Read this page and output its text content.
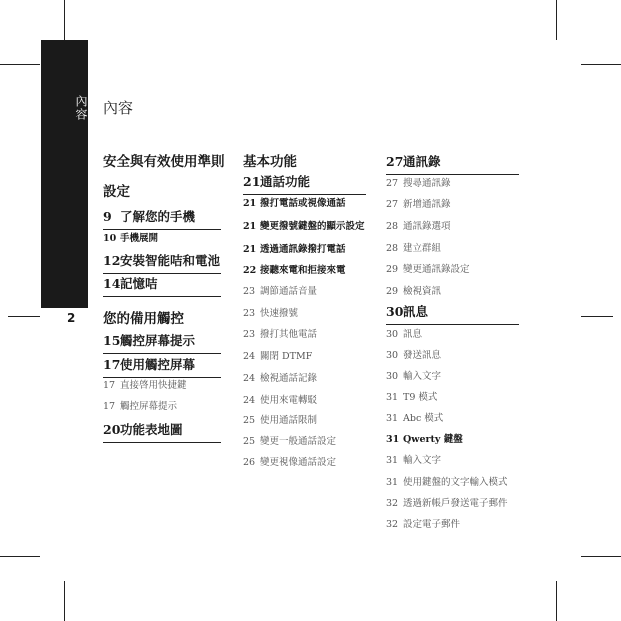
內容
2
內容
安全與有效使用準則
設定
9 了解您的手機
10 手機展開
12安裝智能咭和電池
14記憶咭
您的備用觸控
15觸控屏幕提示
17使用觸控屏幕
17 直接啓用快捷鍵
17 觸控屏幕提示
20功能表地圖
基本功能
21通話功能
21 撥打電話或視像通話
21 變更撥號鍵盤的顯示設定
21 透過通訊錄撥打電話
22 接聽來電和拒接來電
23 調節通話音量
23 快速撥號
23 撥打其他電話
24 關閉 DTMF
24 檢視通話記錄
24 使用來電轉駁
25 使用通話限制
25 變更一般通話設定
26 變更視像通話設定
27通訊錄
27 搜尋通訊錄
27 新增通訊錄
28 通訊錄選項
28 建立群組
29 變更通訊錄設定
29 檢視資訊
30訊息
30 訊息
30 發送訊息
30 輸入文字
31 T9 模式
31 Abc 模式
31 Qwerty 鍵盤
31 輸入文字
31 使用鍵盤的文字輸入模式
32 透過新帳戶發送電子郵件
32 設定電子郵件
